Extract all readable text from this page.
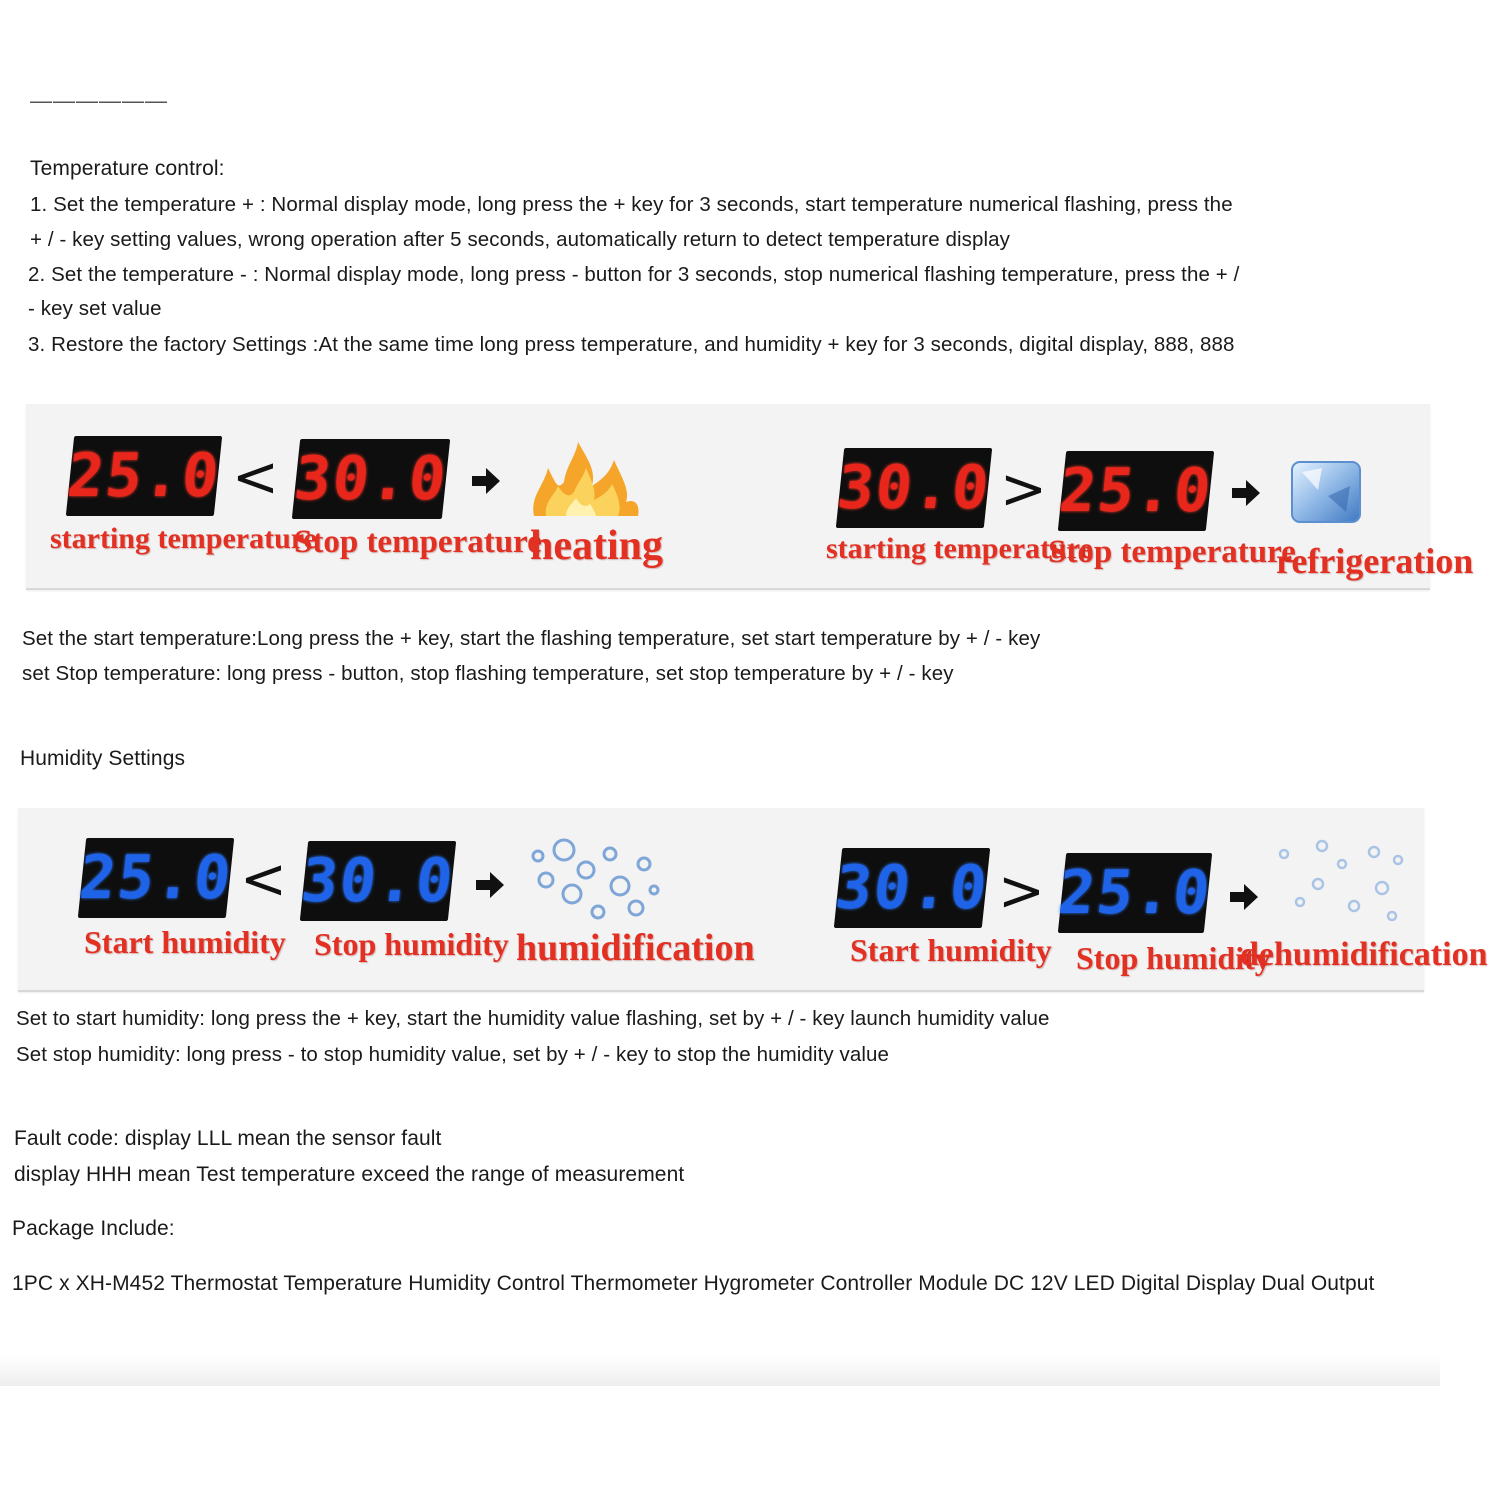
——————
Temperature control:
1. Set the temperature + : Normal display mode, long press the + key for 3 seconds, start temperature numerical flashing, press the
+ / - key setting values, wrong operation after 5 seconds, automatically return to detect temperature display
2. Set the temperature - : Normal display mode, long press - button for 3 seconds, stop numerical flashing temperature, press the + /
- key set value
3. Restore the factory Settings :At the same time long press temperature, and humidity + key for 3 seconds, digital display, 888, 888
25.0
starting temperature
< 30.0
Stop temperature
heating
30.0
starting temperature
> 25.0
Stop temperature
refrigeration
Set the start temperature:Long press the + key, start the flashing temperature, set start temperature by + / - key
set Stop temperature: long press - button, stop flashing temperature, set stop temperature by + / - key
Humidity Settings
25.0
Start humidity
< 30.0
Stop humidity humidification
30.0
Start humidity
> 25.0
Stop humidity
dehumidification
Set to start humidity: long press the + key, start the humidity value flashing, set by + / - key launch humidity value
Set stop humidity: long press - to stop humidity value, set by + / - key to stop the humidity value
Fault code: display LLL mean the sensor fault
display HHH mean Test temperature exceed the range of measurement
Package Include:
1PC x XH-M452 Thermostat Temperature Humidity Control Thermometer Hygrometer Controller Module DC 12V LED Digital Display Dual Output
